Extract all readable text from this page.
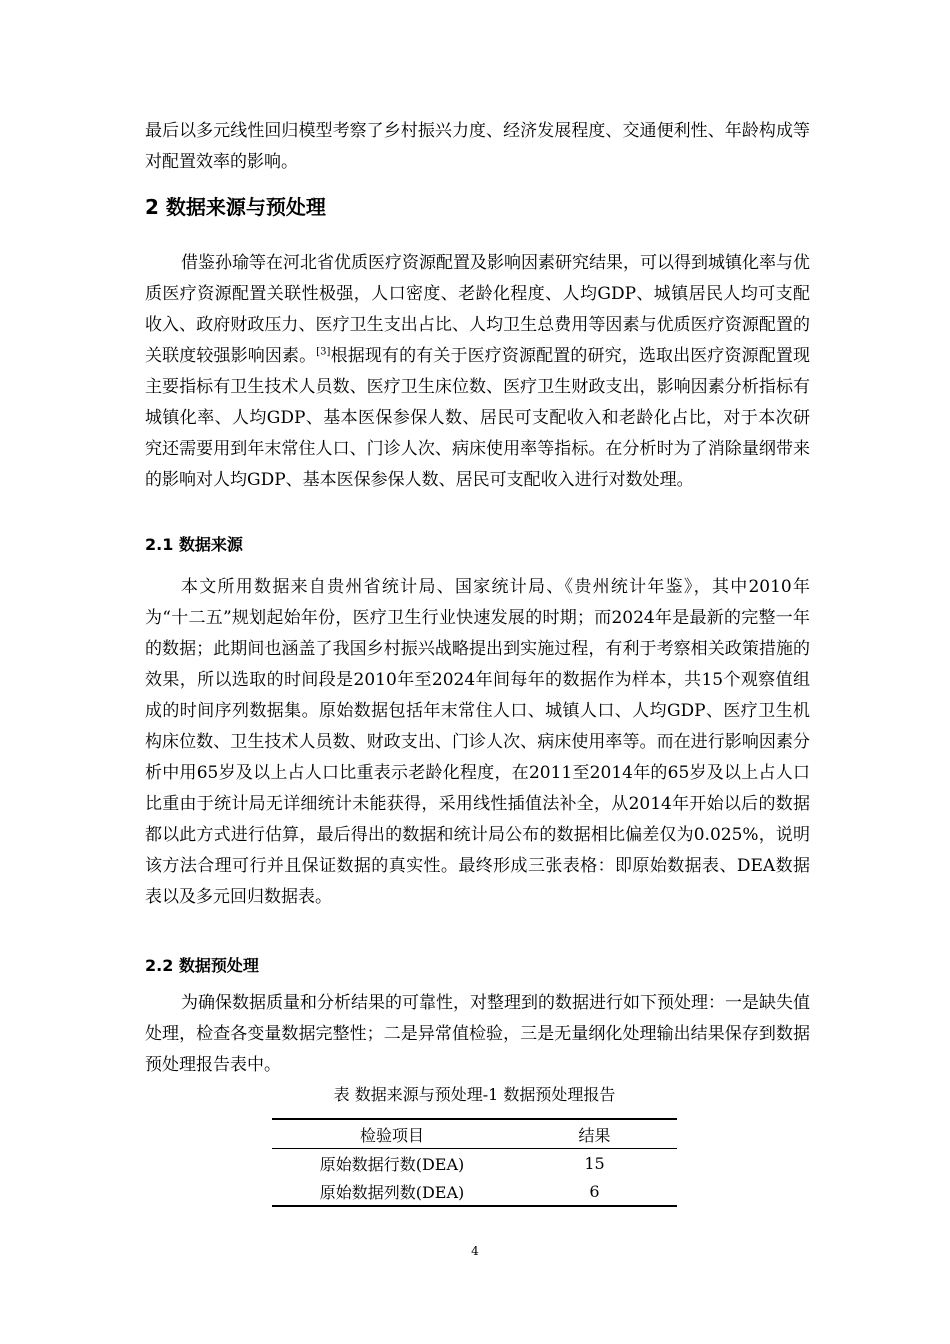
最后以多元线性回归模型考察了乡村振兴力度、经济发展程度、交通便利性、年龄构成等对配置效率的影响。

2 数据来源与预处理

借鉴孙瑜等在河北省优质医疗资源配置及影响因素研究结果，可以得到城镇化率与优质医疗资源配置关联性极强，人口密度、老龄化程度、人均GDP、城镇居民人均可支配收入、政府财政压力、医疗卫生支出占比、人均卫生总费用等因素与优质医疗资源配置的关联度较强影响因素。[3]根据现有的有关于医疗资源配置的研究，选取出医疗资源配置现主要指标有卫生技术人员数、医疗卫生床位数、医疗卫生财政支出，影响因素分析指标有城镇化率、人均GDP、基本医保参保人数、居民可支配收入和老龄化占比，对于本次研究还需要用到年末常住人口、门诊人次、病床使用率等指标。在分析时为了消除量纲带来的影响对人均GDP、基本医保参保人数、居民可支配收入进行对数处理。

2.1 数据来源

本文所用数据来自贵州省统计局、国家统计局、《贵州统计年鉴》，其中2010年为“十二五”规划起始年份，医疗卫生行业快速发展的时期；而2024年是最新的完整一年的数据；此期间也涵盖了我国乡村振兴战略提出到实施过程，有利于考察相关政策措施的效果，所以选取的时间段是2010年至2024年间每年的数据作为样本，共15个观察值组成的时间序列数据集。原始数据包括年末常住人口、城镇人口、人均GDP、医疗卫生机构床位数、卫生技术人员数、财政支出、门诊人次、病床使用率等。而在进行影响因素分析中用65岁及以上占人口比重表示老龄化程度，在2011至2014年的65岁及以上占人口比重由于统计局无详细统计未能获得，采用线性插值法补全，从2014年开始以后的数据都以此方式进行估算，最后得出的数据和统计局公布的数据相比偏差仅为0.025%，说明该方法合理可行并且保证数据的真实性。最终形成三张表格：即原始数据表、DEA数据表以及多元回归数据表。

2.2 数据预处理

为确保数据质量和分析结果的可靠性，对整理到的数据进行如下预处理：一是缺失值处理，检查各变量数据完整性；二是异常值检验，三是无量纲化处理输出结果保存到数据预处理报告表中。

表 数据来源与预处理-1 数据预处理报告

检验项目	结果
原始数据行数(DEA)	15
原始数据列数(DEA)	6
4
